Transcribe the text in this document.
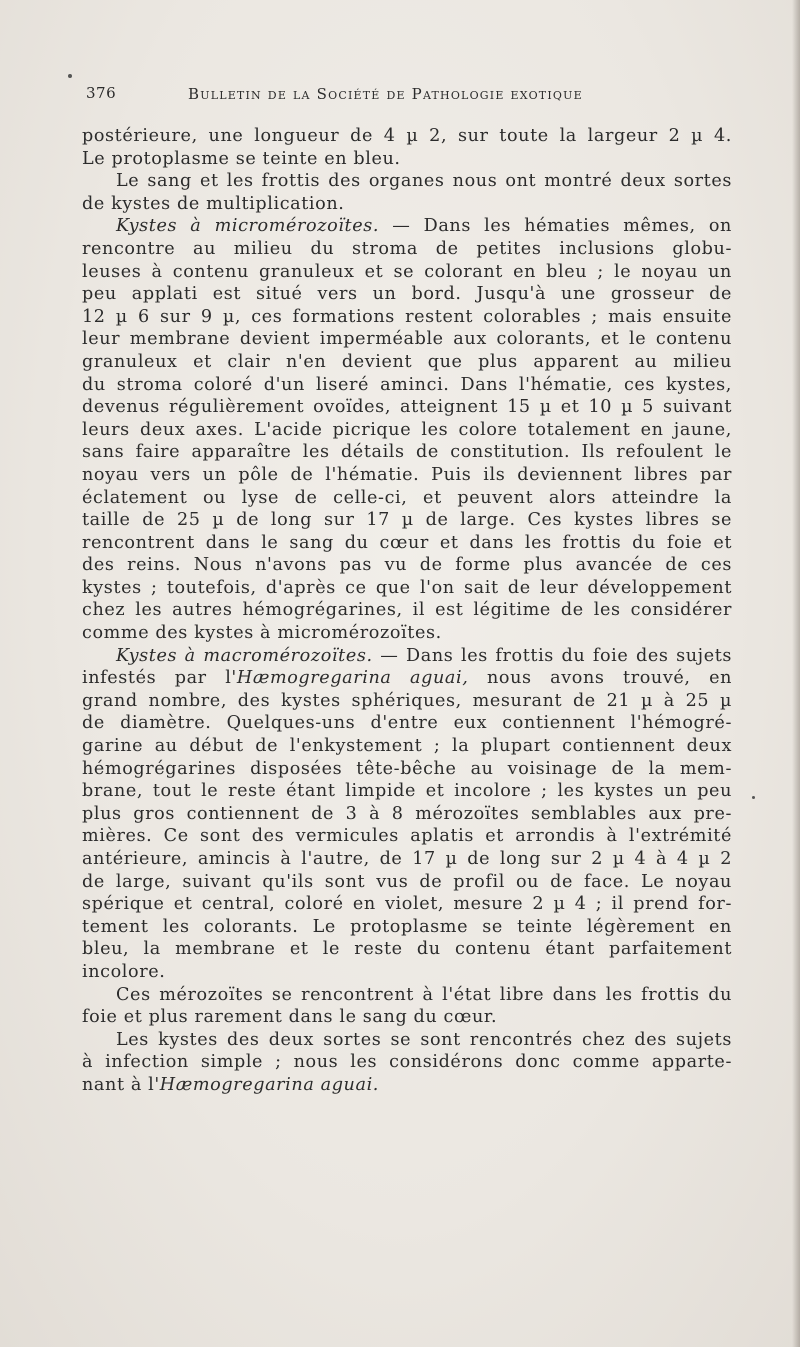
376	Bulletin de la Société de Pathologie exotique
postérieure, une longueur de 4 µ 2, sur toute la largeur 2 µ 4.
Le protoplasme se teinte en bleu.
Le sang et les frottis des organes nous ont montré deux sortes
de kystes de multiplication.
Kystes à micromérozoïtes. — Dans les hématies mêmes, on
rencontre au milieu du stroma de petites inclusions globu-
leuses à contenu granuleux et se colorant en bleu ; le noyau un
peu applati est situé vers un bord. Jusqu'à une grosseur de
12 µ 6 sur 9 µ, ces formations restent colorables ; mais ensuite
leur membrane devient imperméable aux colorants, et le contenu
granuleux et clair n'en devient que plus apparent au milieu
du stroma coloré d'un liseré aminci. Dans l'hématie, ces kystes,
devenus régulièrement ovoïdes, atteignent 15 µ et 10 µ 5 suivant
leurs deux axes. L'acide picrique les colore totalement en jaune,
sans faire apparaître les détails de constitution. Ils refoulent le
noyau vers un pôle de l'hématie. Puis ils deviennent libres par
éclatement ou lyse de celle-ci, et peuvent alors atteindre la
taille de 25 µ de long sur 17 µ de large. Ces kystes libres se
rencontrent dans le sang du cœur et dans les frottis du foie et
des reins. Nous n'avons pas vu de forme plus avancée de ces
kystes ; toutefois, d'après ce que l'on sait de leur développement
chez les autres hémogrégarines, il est légitime de les considérer
comme des kystes à micromérozoïtes.
Kystes à macromérozoïtes. — Dans les frottis du foie des sujets
infestés par l'Hæmogregarina aguai, nous avons trouvé, en
grand nombre, des kystes sphériques, mesurant de 21 µ à 25 µ
de diamètre. Quelques-uns d'entre eux contiennent l'hémogré-
garine au début de l'enkystement ; la plupart contiennent deux
hémogrégarines disposées tête-bêche au voisinage de la mem-
brane, tout le reste étant limpide et incolore ; les kystes un peu
plus gros contiennent de 3 à 8 mérozoïtes semblables aux pre-
mières. Ce sont des vermicules aplatis et arrondis à l'extrémité
antérieure, amincis à l'autre, de 17 µ de long sur 2 µ 4 à 4 µ 2
de large, suivant qu'ils sont vus de profil ou de face. Le noyau
spérique et central, coloré en violet, mesure 2 µ 4 ; il prend for-
tement les colorants. Le protoplasme se teinte légèrement en
bleu, la membrane et le reste du contenu étant parfaitement
incolore.
Ces mérozoïtes se rencontrent à l'état libre dans les frottis du
foie et plus rarement dans le sang du cœur.
Les kystes des deux sortes se sont rencontrés chez des sujets
à infection simple ; nous les considérons donc comme apparte-
nant à l'Hæmogregarina aguai.
